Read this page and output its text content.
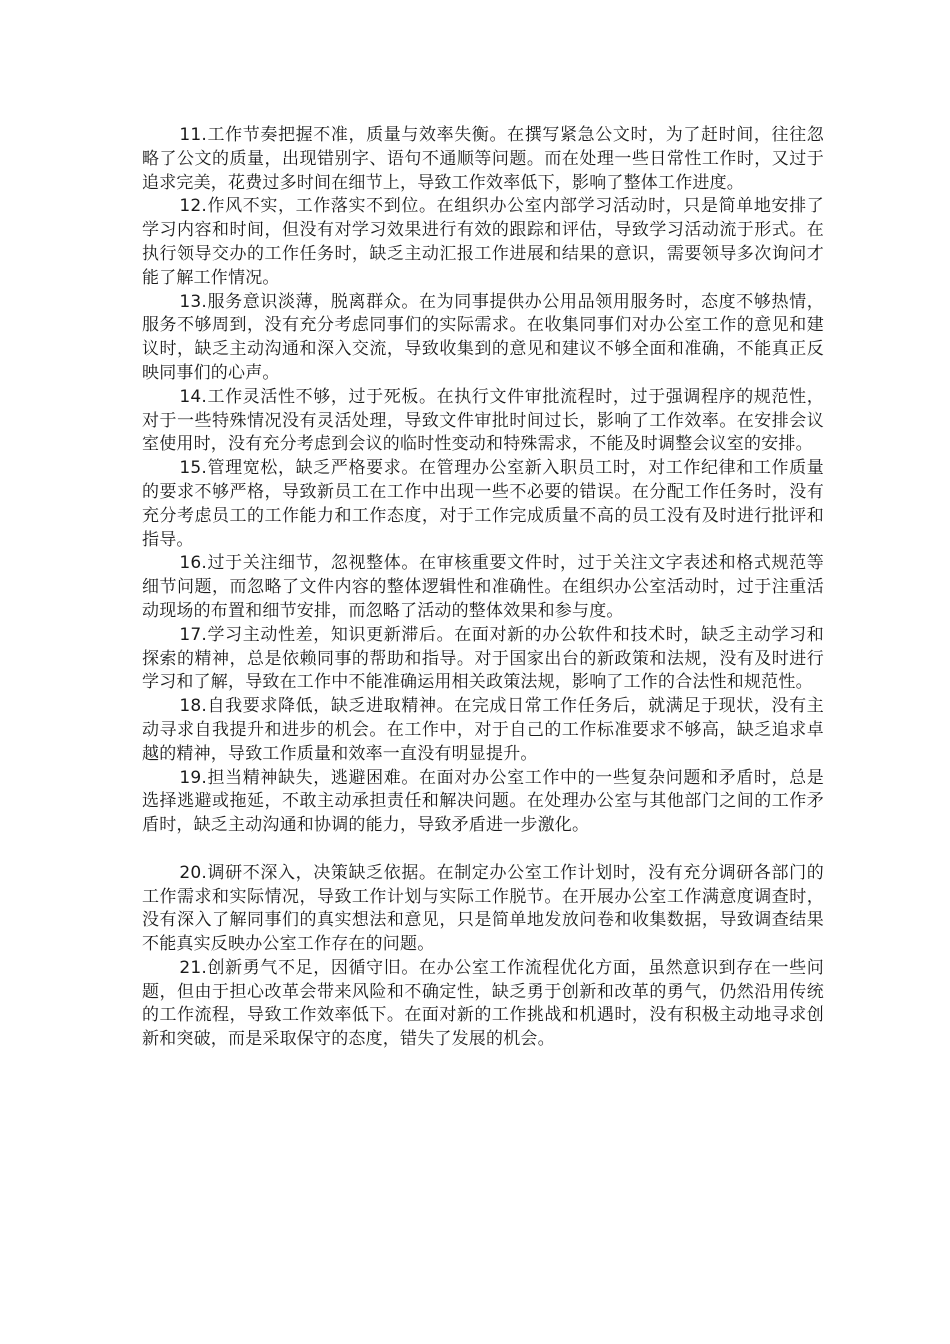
11.工作节奏把握不准，质量与效率失衡。在撰写紧急公文时，为了赶时间，往往忽略了公文的质量，出现错别字、语句不通顺等问题。而在处理一些日常性工作时，又过于追求完美，花费过多时间在细节上，导致工作效率低下，影响了整体工作进度。

12.作风不实，工作落实不到位。在组织办公室内部学习活动时，只是简单地安排了学习内容和时间，但没有对学习效果进行有效的跟踪和评估，导致学习活动流于形式。在执行领导交办的工作任务时，缺乏主动汇报工作进展和结果的意识，需要领导多次询问才能了解工作情况。

13.服务意识淡薄，脱离群众。在为同事提供办公用品领用服务时，态度不够热情，服务不够周到，没有充分考虑同事们的实际需求。在收集同事们对办公室工作的意见和建议时，缺乏主动沟通和深入交流，导致收集到的意见和建议不够全面和准确，不能真正反映同事们的心声。

14.工作灵活性不够，过于死板。在执行文件审批流程时，过于强调程序的规范性，对于一些特殊情况没有灵活处理，导致文件审批时间过长，影响了工作效率。在安排会议室使用时，没有充分考虑到会议的临时性变动和特殊需求，不能及时调整会议室的安排。

15.管理宽松，缺乏严格要求。在管理办公室新入职员工时，对工作纪律和工作质量的要求不够严格，导致新员工在工作中出现一些不必要的错误。在分配工作任务时，没有充分考虑员工的工作能力和工作态度，对于工作完成质量不高的员工没有及时进行批评和指导。

16.过于关注细节，忽视整体。在审核重要文件时，过于关注文字表述和格式规范等细节问题，而忽略了文件内容的整体逻辑性和准确性。在组织办公室活动时，过于注重活动现场的布置和细节安排，而忽略了活动的整体效果和参与度。

17.学习主动性差，知识更新滞后。在面对新的办公软件和技术时，缺乏主动学习和探索的精神，总是依赖同事的帮助和指导。对于国家出台的新政策和法规，没有及时进行学习和了解，导致在工作中不能准确运用相关政策法规，影响了工作的合法性和规范性。

18.自我要求降低，缺乏进取精神。在完成日常工作任务后，就满足于现状，没有主动寻求自我提升和进步的机会。在工作中，对于自己的工作标准要求不够高，缺乏追求卓越的精神，导致工作质量和效率一直没有明显提升。

19.担当精神缺失，逃避困难。在面对办公室工作中的一些复杂问题和矛盾时，总是选择逃避或拖延，不敢主动承担责任和解决问题。在处理办公室与其他部门之间的工作矛盾时，缺乏主动沟通和协调的能力，导致矛盾进一步激化。

20.调研不深入，决策缺乏依据。在制定办公室工作计划时，没有充分调研各部门的工作需求和实际情况，导致工作计划与实际工作脱节。在开展办公室工作满意度调查时，没有深入了解同事们的真实想法和意见，只是简单地发放问卷和收集数据，导致调查结果不能真实反映办公室工作存在的问题。

21.创新勇气不足，因循守旧。在办公室工作流程优化方面，虽然意识到存在一些问题，但由于担心改革会带来风险和不确定性，缺乏勇于创新和改革的勇气，仍然沿用传统的工作流程，导致工作效率低下。在面对新的工作挑战和机遇时，没有积极主动地寻求创新和突破，而是采取保守的态度，错失了发展的机会。
